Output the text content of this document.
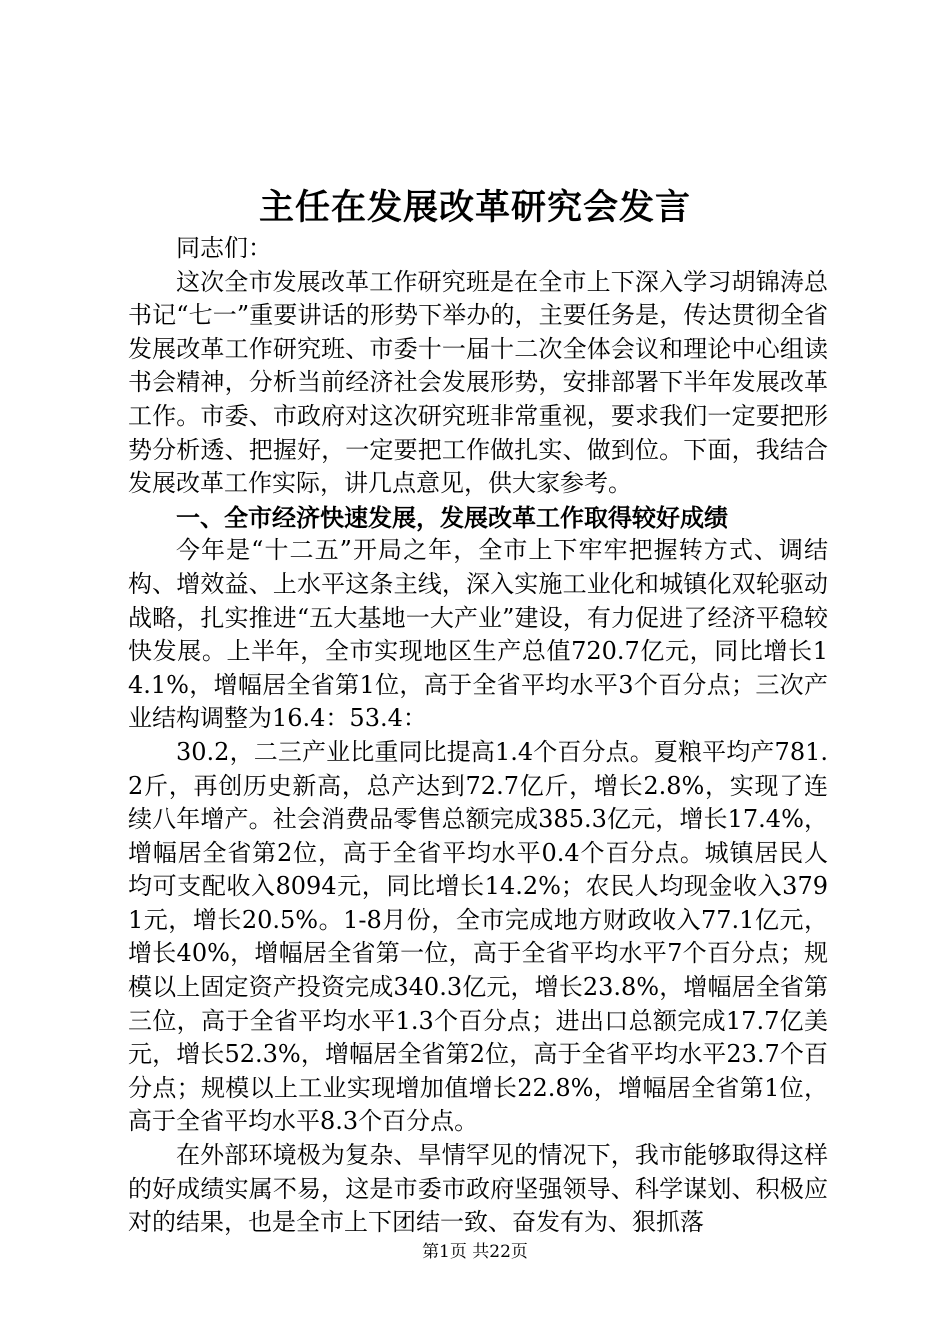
主任在发展改革研究会发言

同志们：

这次全市发展改革工作研究班是在全市上下深入学习胡锦涛总书记“七一”重要讲话的形势下举办的，主要任务是，传达贯彻全省发展改革工作研究班、市委十一届十二次全体会议和理论中心组读书会精神，分析当前经济社会发展形势，安排部署下半年发展改革工作。市委、市政府对这次研究班非常重视，要求我们一定要把形势分析透、把握好，一定要把工作做扎实、做到位。下面，我结合发展改革工作实际，讲几点意见，供大家参考。

一、全市经济快速发展，发展改革工作取得较好成绩

今年是“十二五”开局之年，全市上下牢牢把握转方式、调结构、增效益、上水平这条主线，深入实施工业化和城镇化双轮驱动战略，扎实推进“五大基地一大产业”建设，有力促进了经济平稳较快发展。上半年，全市实现地区生产总值720.7亿元，同比增长14.1%，增幅居全省第1位，高于全省平均水平3个百分点；三次产业结构调整为16.4：53.4：

30.2，二三产业比重同比提高1.4个百分点。夏粮平均产781.2斤，再创历史新高，总产达到72.7亿斤，增长2.8%，实现了连续八年增产。社会消费品零售总额完成385.3亿元，增长17.4%，增幅居全省第2位，高于全省平均水平0.4个百分点。城镇居民人均可支配收入8094元，同比增长14.2%；农民人均现金收入3791元，增长20.5%。1-8月份，全市完成地方财政收入77.1亿元，增长40%，增幅居全省第一位，高于全省平均水平7个百分点；规模以上固定资产投资完成340.3亿元，增长23.8%，增幅居全省第三位，高于全省平均水平1.3个百分点；进出口总额完成17.7亿美元，增长52.3%，增幅居全省第2位，高于全省平均水平23.7个百分点；规模以上工业实现增加值增长22.8%，增幅居全省第1位，高于全省平均水平8.3个百分点。

在外部环境极为复杂、旱情罕见的情况下，我市能够取得这样的好成绩实属不易，这是市委市政府坚强领导、科学谋划、积极应对的结果，也是全市上下团结一致、奋发有为、狠抓落

第1页 共22页
